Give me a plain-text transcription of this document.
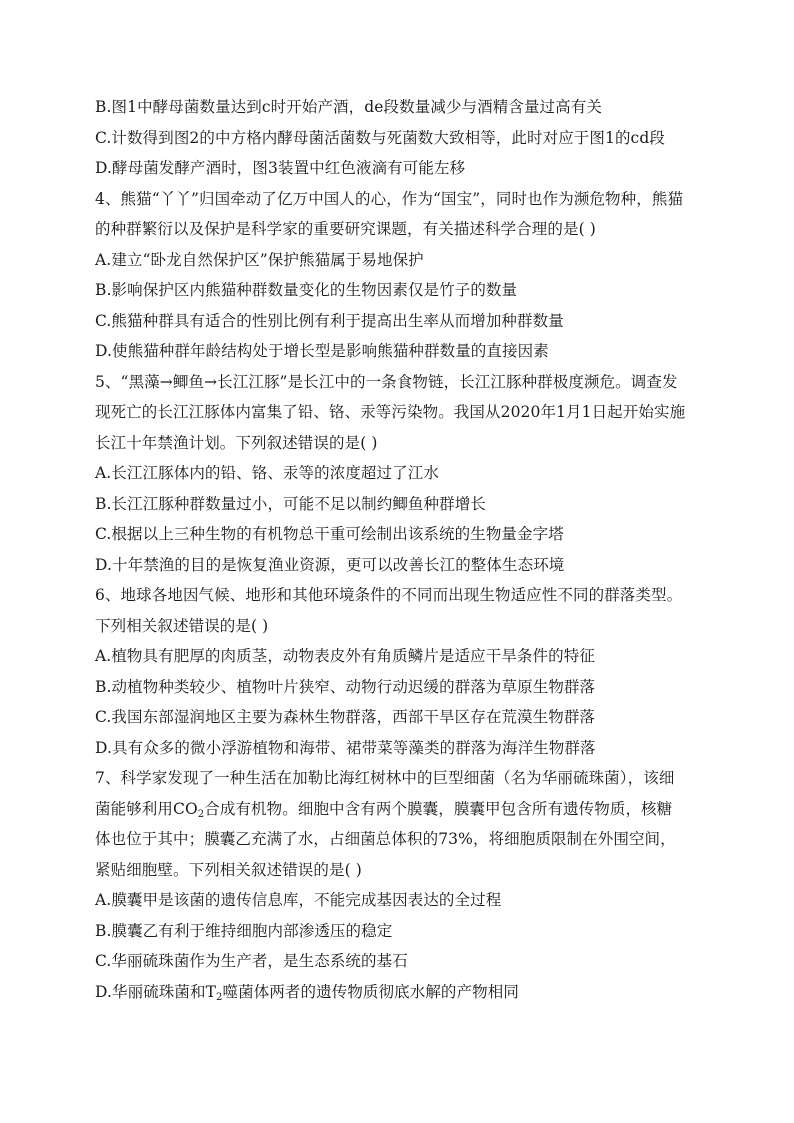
B.图1中酵母菌数量达到c时开始产酒，de段数量减少与酒精含量过高有关
C.计数得到图2的中方格内酵母菌活菌数与死菌数大致相等，此时对应于图1的cd段
D.酵母菌发酵产酒时，图3装置中红色液滴有可能左移
4、熊猫“丫丫”归国牵动了亿万中国人的心，作为“国宝”，同时也作为濒危物种，熊猫
的种群繁衍以及保护是科学家的重要研究课题，有关描述科学合理的是( )
A.建立“卧龙自然保护区”保护熊猫属于易地保护
B.影响保护区内熊猫种群数量变化的生物因素仅是竹子的数量
C.熊猫种群具有适合的性别比例有利于提高出生率从而增加种群数量
D.使熊猫种群年龄结构处于增长型是影响熊猫种群数量的直接因素
5、“黑藻→鲫鱼→长江江豚”是长江中的一条食物链，长江江豚种群极度濒危。调查发
现死亡的长江江豚体内富集了铅、铬、汞等污染物。我国从2020年1月1日起开始实施
长江十年禁渔计划。下列叙述错误的是( )
A.长江江豚体内的铅、铬、汞等的浓度超过了江水
B.长江江豚种群数量过小，可能不足以制约鲫鱼种群增长
C.根据以上三种生物的有机物总干重可绘制出该系统的生物量金字塔
D.十年禁渔的目的是恢复渔业资源，更可以改善长江的整体生态环境
6、地球各地因气候、地形和其他环境条件的不同而出现生物适应性不同的群落类型。
下列相关叙述错误的是( )
A.植物具有肥厚的肉质茎，动物表皮外有角质鳞片是适应干旱条件的特征
B.动植物种类较少、植物叶片狭窄、动物行动迟缓的群落为草原生物群落
C.我国东部湿润地区主要为森林生物群落，西部干旱区存在荒漠生物群落
D.具有众多的微小浮游植物和海带、裙带菜等藻类的群落为海洋生物群落
7、科学家发现了一种生活在加勒比海红树林中的巨型细菌（名为华丽硫珠菌），该细
菌能够利用$CO_2$合成有机物。细胞中含有两个膜囊，膜囊甲包含所有遗传物质，核糖
体也位于其中；膜囊乙充满了水，占细菌总体积的73%，将细胞质限制在外围空间，
紧贴细胞壁。下列相关叙述错误的是( )
A.膜囊甲是该菌的遗传信息库，不能完成基因表达的全过程
B.膜囊乙有利于维持细胞内部渗透压的稳定
C.华丽硫珠菌作为生产者，是生态系统的基石
D.华丽硫珠菌和$T_2$噬菌体两者的遗传物质彻底水解的产物相同
